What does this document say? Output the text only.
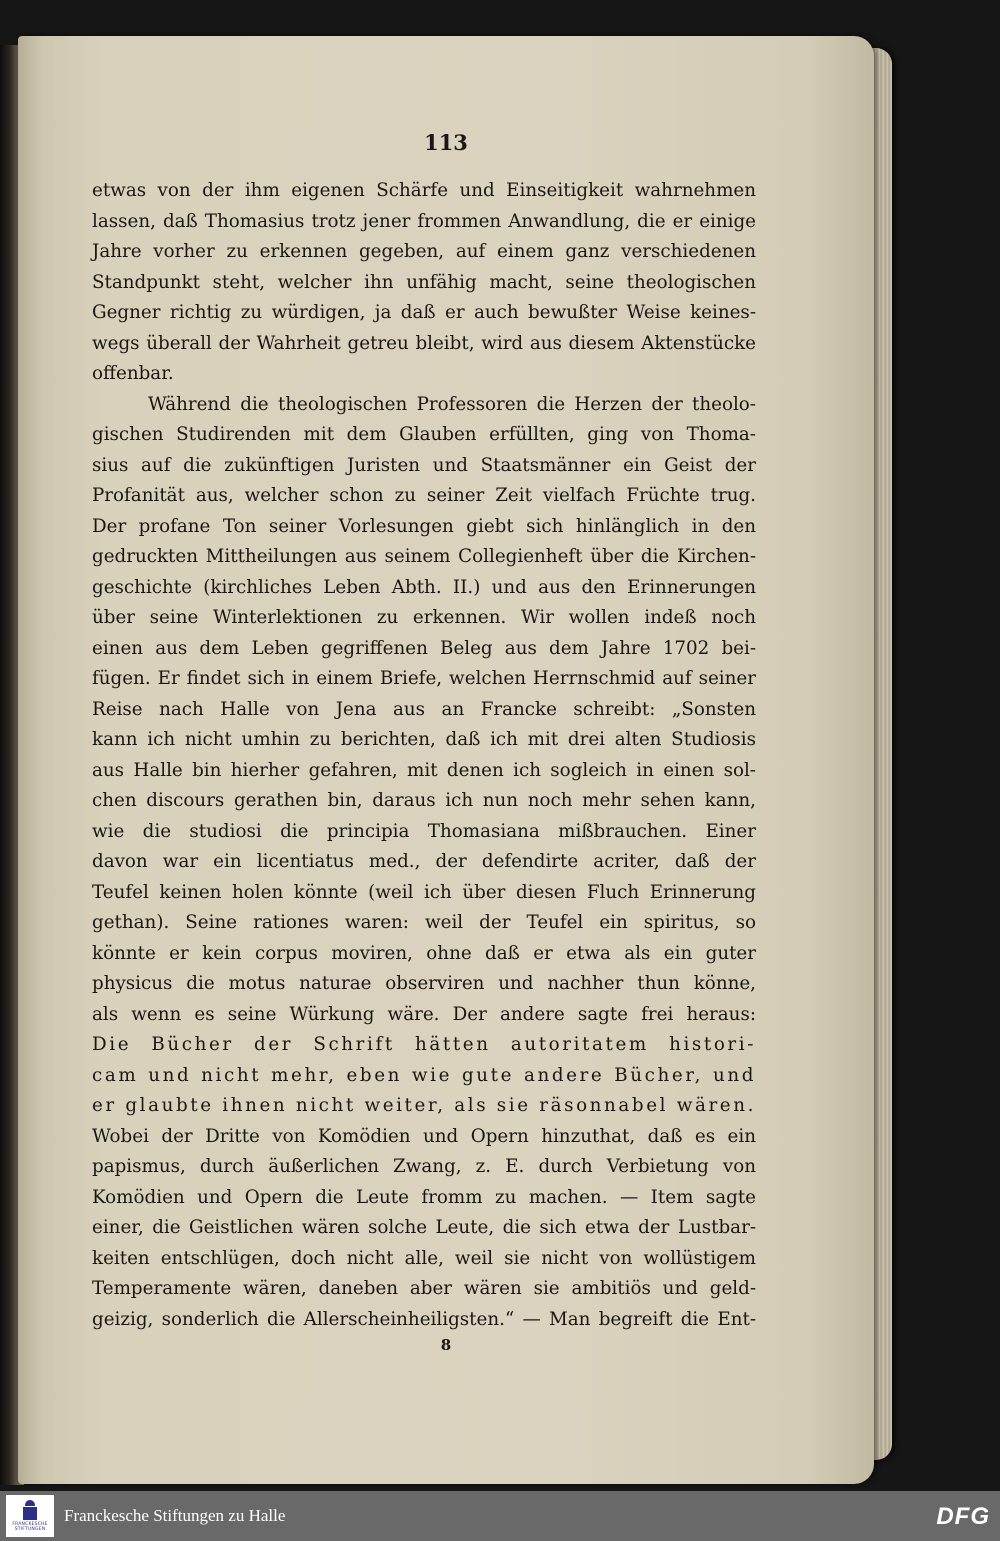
113
etwas von der ihm eigenen Schärfe und Einseitigkeit wahrnehmen
lassen, daß Thomasius trotz jener frommen Anwandlung, die er einige
Jahre vorher zu erkennen gegeben, auf einem ganz verschiedenen
Standpunkt steht, welcher ihn unfähig macht, seine theologischen
Gegner richtig zu würdigen, ja daß er auch bewußter Weise keines-
wegs überall der Wahrheit getreu bleibt, wird aus diesem Aktenstücke
offenbar.
Während die theologischen Professoren die Herzen der theolo-
gischen Studirenden mit dem Glauben erfüllten, ging von Thoma-
sius auf die zukünftigen Juristen und Staatsmänner ein Geist der
Profanität aus, welcher schon zu seiner Zeit vielfach Früchte trug.
Der profane Ton seiner Vorlesungen giebt sich hinlänglich in den
gedruckten Mittheilungen aus seinem Collegienheft über die Kirchen-
geschichte (kirchliches Leben Abth. II.) und aus den Erinnerungen
über seine Winterlektionen zu erkennen. Wir wollen indeß noch
einen aus dem Leben gegriffenen Beleg aus dem Jahre 1702 bei-
fügen. Er findet sich in einem Briefe, welchen Herrnschmid auf seiner
Reise nach Halle von Jena aus an Francke schreibt: „Sonsten
kann ich nicht umhin zu berichten, daß ich mit drei alten Studiosis
aus Halle bin hierher gefahren, mit denen ich sogleich in einen sol-
chen discours gerathen bin, daraus ich nun noch mehr sehen kann,
wie die studiosi die principia Thomasiana mißbrauchen. Einer
davon war ein licentiatus med., der defendirte acriter, daß der
Teufel keinen holen könnte (weil ich über diesen Fluch Erinnerung
gethan). Seine rationes waren: weil der Teufel ein spiritus, so
könnte er kein corpus moviren, ohne daß er etwa als ein guter
physicus die motus naturae observiren und nachher thun könne,
als wenn es seine Würkung wäre. Der andere sagte frei heraus:
Die Bücher der Schrift hätten autoritatem histori-
cam und nicht mehr, eben wie gute andere Bücher, und
er glaubte ihnen nicht weiter, als sie räsonnabel wären.
Wobei der Dritte von Komödien und Opern hinzuthat, daß es ein
papismus, durch äußerlichen Zwang, z. E. durch Verbietung von
Komödien und Opern die Leute fromm zu machen. — Item sagte
einer, die Geistlichen wären solche Leute, die sich etwa der Lustbar-
keiten entschlügen, doch nicht alle, weil sie nicht von wollüstigem
Temperamente wären, daneben aber wären sie ambitiös und geld-
geizig, sonderlich die Allerscheinheiligsten.“ — Man begreift die Ent-
8
FRANCKESCHE
STIFTUNGEN
Franckesche Stiftungen zu Halle	DFG
